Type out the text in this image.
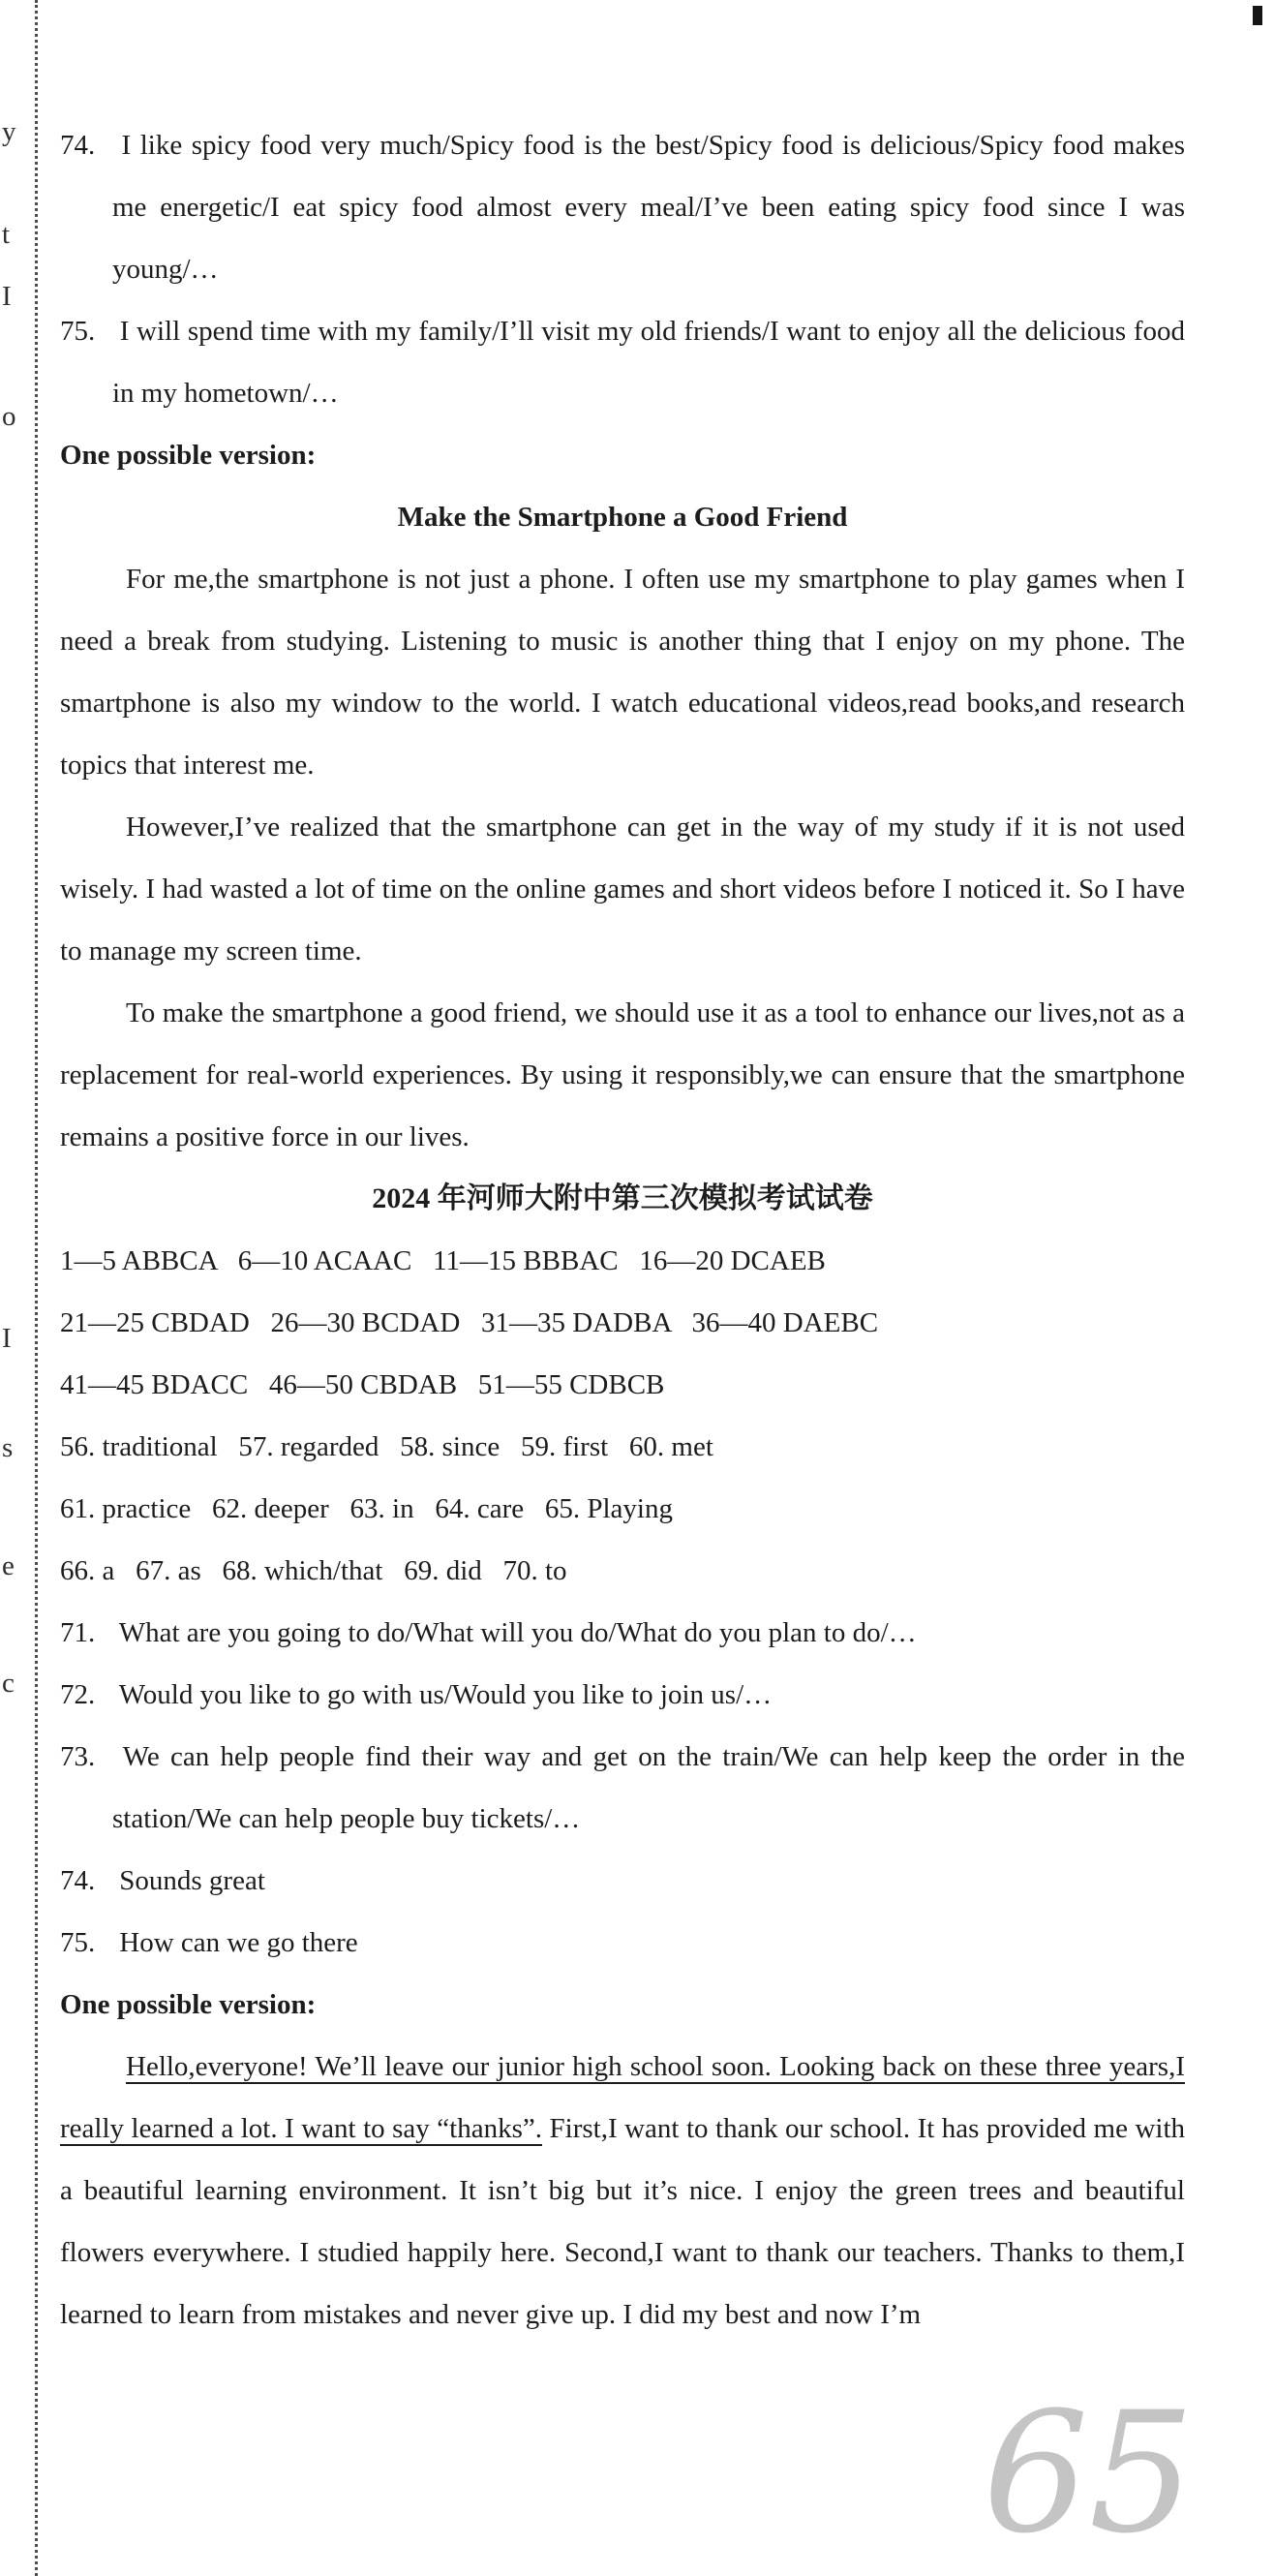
y
t
I
o
I
s
e
c
65

74. I like spicy food very much/Spicy food is the best/Spicy food is delicious/Spicy food makes me energetic/I eat spicy food almost every meal/I’ve been eating spicy food since I was young/…

75. I will spend time with my family/I’ll visit my old friends/I want to enjoy all the delicious food in my hometown/…

One possible version:

Make the Smartphone a Good Friend

For me,the smartphone is not just a phone. I often use my smartphone to play games when I need a break from studying. Listening to music is another thing that I enjoy on my phone. The smartphone is also my window to the world. I watch educational videos,read books,and research topics that interest me.

However,I’ve realized that the smartphone can get in the way of my study if it is not used wisely. I had wasted a lot of time on the online games and short videos before I noticed it. So I have to manage my screen time.

To make the smartphone a good friend, we should use it as a tool to enhance our lives,not as a replacement for real-world experiences. By using it responsibly,we can ensure that the smartphone remains a positive force in our lives.

2024 年河师大附中第三次模拟考试试卷

1—5 ABBCA   6—10 ACAAC   11—15 BBBAC   16—20 DCAEB

21—25 CBDAD   26—30 BCDAD   31—35 DADBA   36—40 DAEBC

41—45 BDACC   46—50 CBDAB   51—55 CDBCB

56. traditional   57. regarded   58. since   59. first   60. met

61. practice   62. deeper   63. in   64. care   65. Playing

66. a   67. as   68. which/that   69. did   70. to

71. What are you going to do/What will you do/What do you plan to do/…

72. Would you like to go with us/Would you like to join us/…

73. We can help people find their way and get on the train/We can help keep the order in the station/We can help people buy tickets/…

74. Sounds great

75. How can we go there

One possible version:

Hello,everyone! We’ll leave our junior high school soon. Looking back on these three years,I really learned a lot. I want to say “thanks”. First,I want to thank our school. It has provided me with a beautiful learning environment. It isn’t big but it’s nice. I enjoy the green trees and beautiful flowers everywhere. I studied happily here. Second,I want to thank our teachers. Thanks to them,I learned to learn from mistakes and never give up. I did my best and now I’m
